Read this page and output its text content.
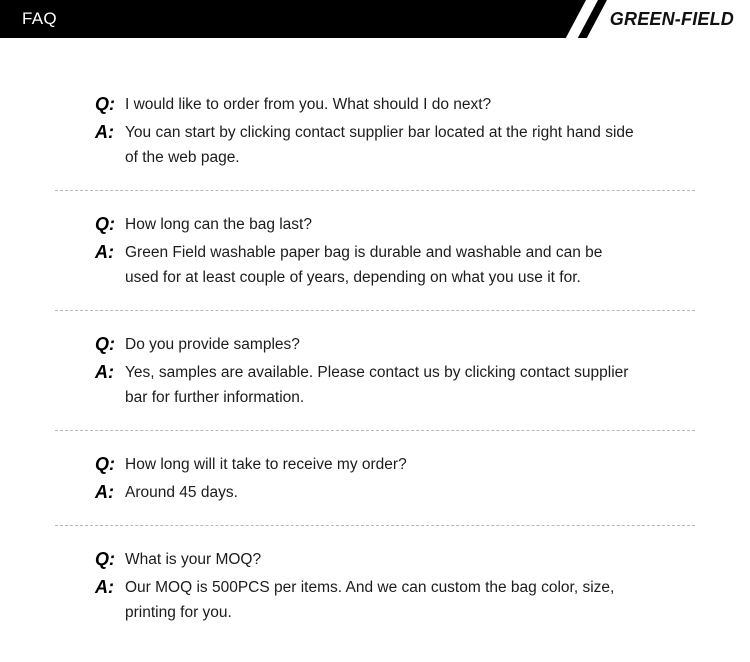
FAQ	GREEN-FIELD
Q: I would like to order from you. What should I do next?
A: You can start by clicking contact supplier bar located at the right hand side of the web page.
Q: How long can the bag last?
A: Green Field washable paper bag is durable and washable and can be used for at least couple of years, depending on what you use it for.
Q: Do you provide samples?
A: Yes, samples are available. Please contact us by clicking contact supplier bar for further information.
Q: How long will it take to receive my order?
A: Around 45 days.
Q: What is your MOQ?
A: Our MOQ is 500PCS per items. And we can custom the bag color, size, printing for you.
